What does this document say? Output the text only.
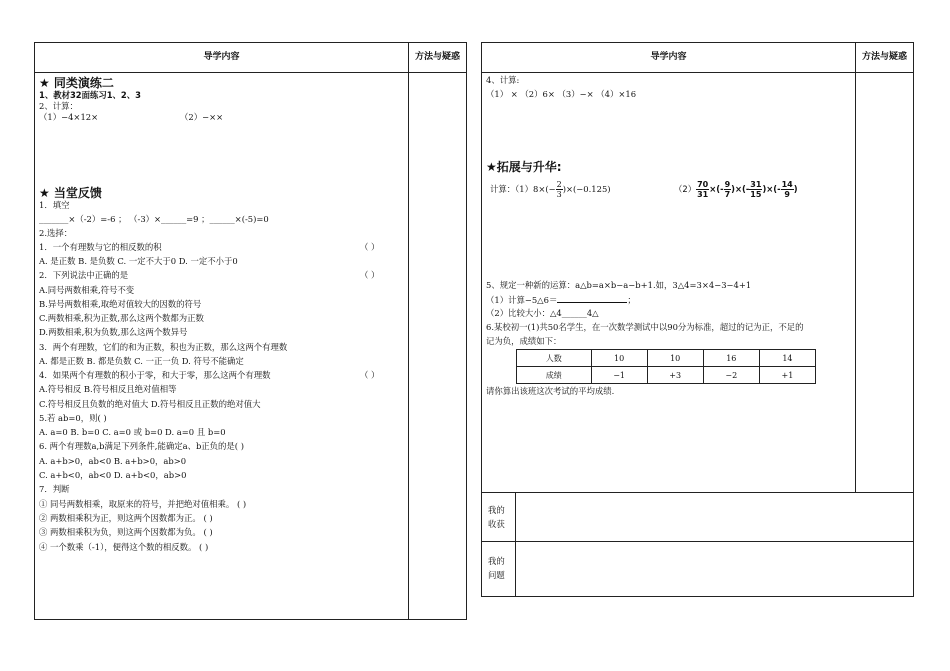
导学内容	方法与疑惑
★ 同类演练二
1、教材32面练习1、2、3
2、计算：
（1）−4×12×	（2）−××
★ 当堂反馈
1．填空
_______×（-2）=-6 ； （-3）×______=9 ；______×(-5)=0
2.选择：
1．一个有理数与它的相反数的积	（ ）
A. 是正数 B. 是负数 C. 一定不大于0 D. 一定不小于0
2．下列说法中正确的是	（ ）
A.同号两数相乘,符号不变
B.异号两数相乘,取绝对值较大的因数的符号
C.两数相乘,积为正数,那么这两个数都为正数
D.两数相乘,积为负数,那么这两个数异号
3．两个有理数，它们的和为正数，积也为正数，那么这两个有理数
A. 都是正数 B. 都是负数 C. 一正一负 D. 符号不能确定
4．如果两个有理数的积小于零，和大于零，那么这两个有理数	（ ）
A.符号相反 B.符号相反且绝对值相等
C.符号相反且负数的绝对值大 D.符号相反且正数的绝对值大
5.若 ab=0，则( )
A. a=0 B. b=0 C. a=0 或 b=0 D. a=0 且 b=0
6. 两个有理数a,b满足下列条件,能确定a、b正负的是( )
A. a+b>0，ab<0 B. a+b>0，ab>0
C. a+b<0，ab<0 D. a+b<0，ab>0
7．判断
① 同号两数相乘，取原来的符号，并把绝对值相乘。 ( )
② 两数相乘积为正，则这两个因数都为正。 ( )
③ 两数相乘积为负，则这两个因数都为负。 ( )
④ 一个数乘（-1），便得这个数的相反数。 ( )
导学内容	方法与疑惑
4、计算:
（1） × （2）6× （3）−× （4）×16
★拓展与升华:
计算：$(1)8\times(- \frac{2}{3} )\times(-0.125)$	$(2) \frac{70}{31}$ ×(- $\frac{9}{7}$ )×(- $\frac{31}{15}$ )×(- $\frac{14}{9}$ )
5、规定一种新的运算：a△b=a×b−a−b+1.如，3△4=3×4−3−4+1
（1）计算−5△6＝	；
（2）比较大小：△4______4△
6.某校初一(1)共50名学生，在一次数学测试中以90分为标准，超过的记为正，不足的
记为负，成绩如下：
人数	10	10	16	14
成绩	−1	+3	−2	+1
请你算出该班这次考试的平均成绩.
我的
收获
我的
问题
